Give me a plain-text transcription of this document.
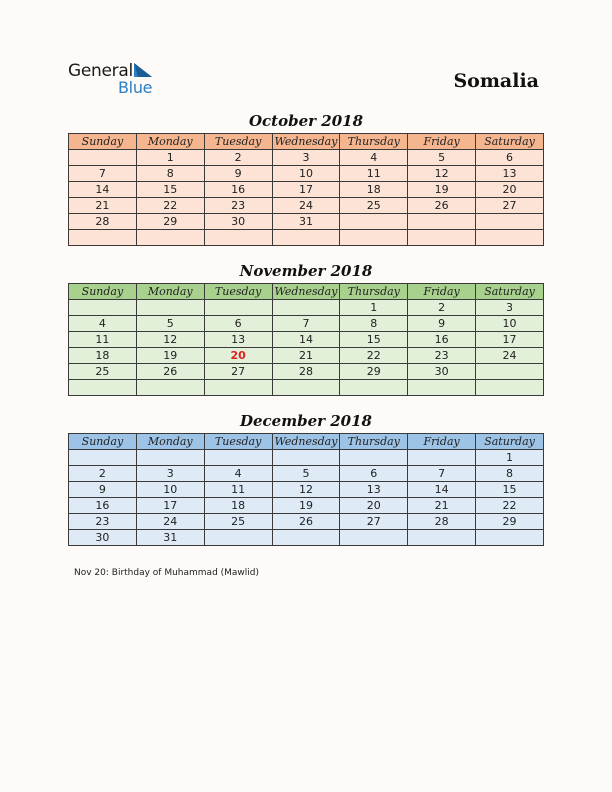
General
Blue	Somalia
October 2018
Sunday	Monday	Tuesday	Wednesday	Thursday	Friday	Saturday
	1	2	3	4	5	6
7	8	9	10	11	12	13
14	15	16	17	18	19	20
21	22	23	24	25	26	27
28	29	30	31			

November 2018
Sunday	Monday	Tuesday	Wednesday	Thursday	Friday	Saturday
				1	2	3
4	5	6	7	8	9	10
11	12	13	14	15	16	17
18	19	20	21	22	23	24
25	26	27	28	29	30	

December 2018
Sunday	Monday	Tuesday	Wednesday	Thursday	Friday	Saturday
						1
2	3	4	5	6	7	8
9	10	11	12	13	14	15
16	17	18	19	20	21	22
23	24	25	26	27	28	29
30	31					
Nov 20: Birthday of Muhammad (Mawlid)
